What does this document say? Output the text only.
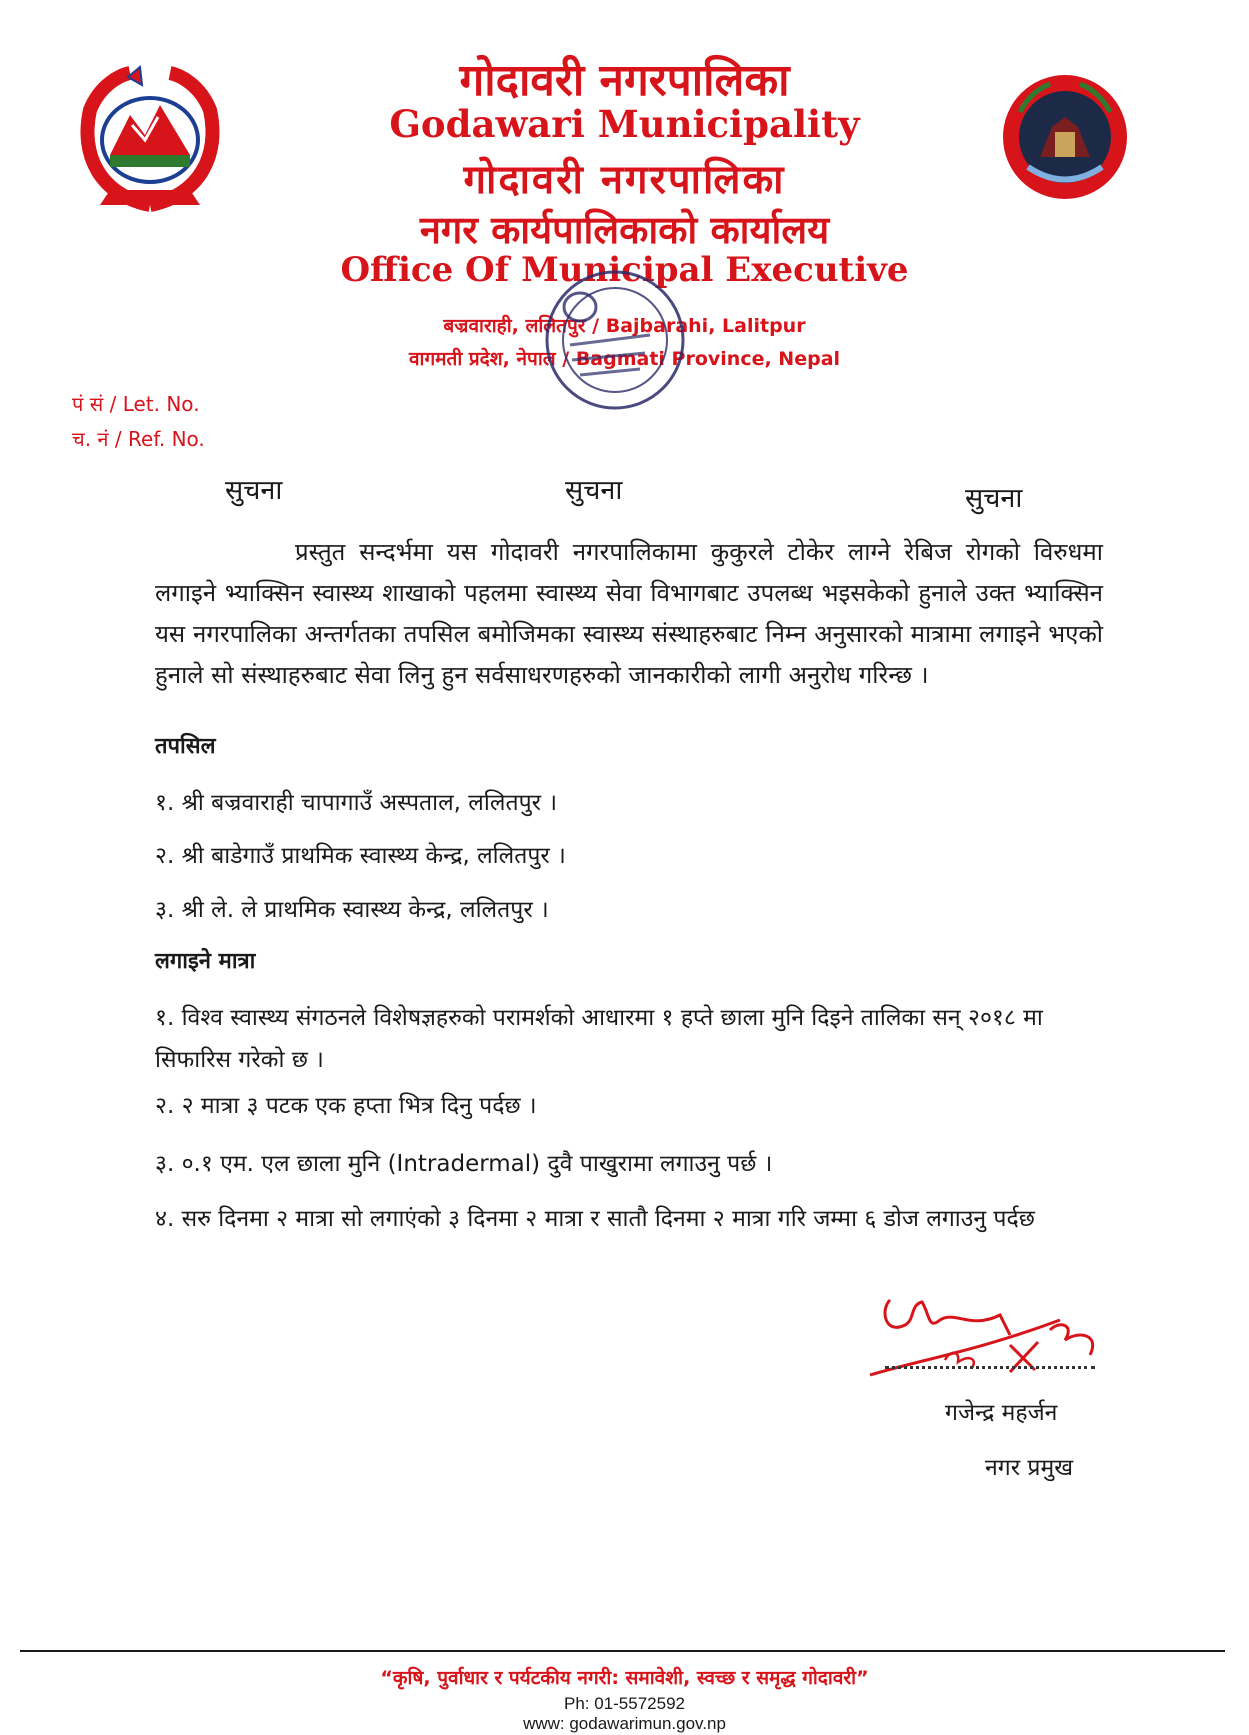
गोदावरी नगरपालिका
Godawari Municipality
गोदावरी नगरपालिका
नगर कार्यपालिकाको कार्यालय
Office Of Municipal Executive
बज्रवाराही, ललितपुर / Bajbarahi, Lalitpur
वागमती प्रदेश, नेपाल / Bagmati Province, Nepal
पं सं / Let. No.
च. नं / Ref. No.
सुचना	सुचना	सुचना
प्रस्तुत सन्दर्भमा यस गोदावरी नगरपालिकामा कुकुरले टोकेर लाग्ने रेबिज रोगको विरुधमा लगाइने भ्याक्सिन स्वास्थ्य शाखाको पहलमा स्वास्थ्य सेवा विभागबाट उपलब्ध भइसकेको हुनाले उक्त भ्याक्सिन यस नगरपालिका अन्तर्गतका तपसिल बमोजिमका स्वास्थ्य संस्थाहरुबाट निम्न अनुसारको मात्रामा लगाइने भएको हुनाले सो संस्थाहरुबाट सेवा लिनु हुन सर्वसाधरणहरुको जानकारीको लागी अनुरोध गरिन्छ ।
तपसिल
१. श्री बज्रवाराही चापागाउँ अस्पताल, ललितपुर ।
२. श्री बाडेगाउँ प्राथमिक स्वास्थ्य केन्द्र, ललितपुर ।
३. श्री ले. ले प्राथमिक स्वास्थ्य केन्द्र, ललितपुर ।
लगाइने मात्रा
१. विश्व स्वास्थ्य संगठनले विशेषज्ञहरुको परामर्शको आधारमा १ हप्ते छाला मुनि दिइने तालिका सन् २०१८ मा सिफारिस गरेको छ ।
२. २ मात्रा ३ पटक एक हप्ता भित्र दिनु पर्दछ ।
३. ०.१ एम. एल छाला मुनि (Intradermal) दुवै पाखुरामा लगाउनु पर्छ ।
४. सरु दिनमा २ मात्रा सो लगाएंको ३ दिनमा २ मात्रा र सातौ दिनमा २ मात्रा गरि जम्मा ६ डोज लगाउनु पर्दछ
गजेन्द्र महर्जन
नगर प्रमुख
“कृषि, पुर्वाधार र पर्यटकीय नगरी: समावेशी, स्वच्छ र समृद्ध गोदावरी”
Ph: 01-5572592
www: godawarimun.gov.np
